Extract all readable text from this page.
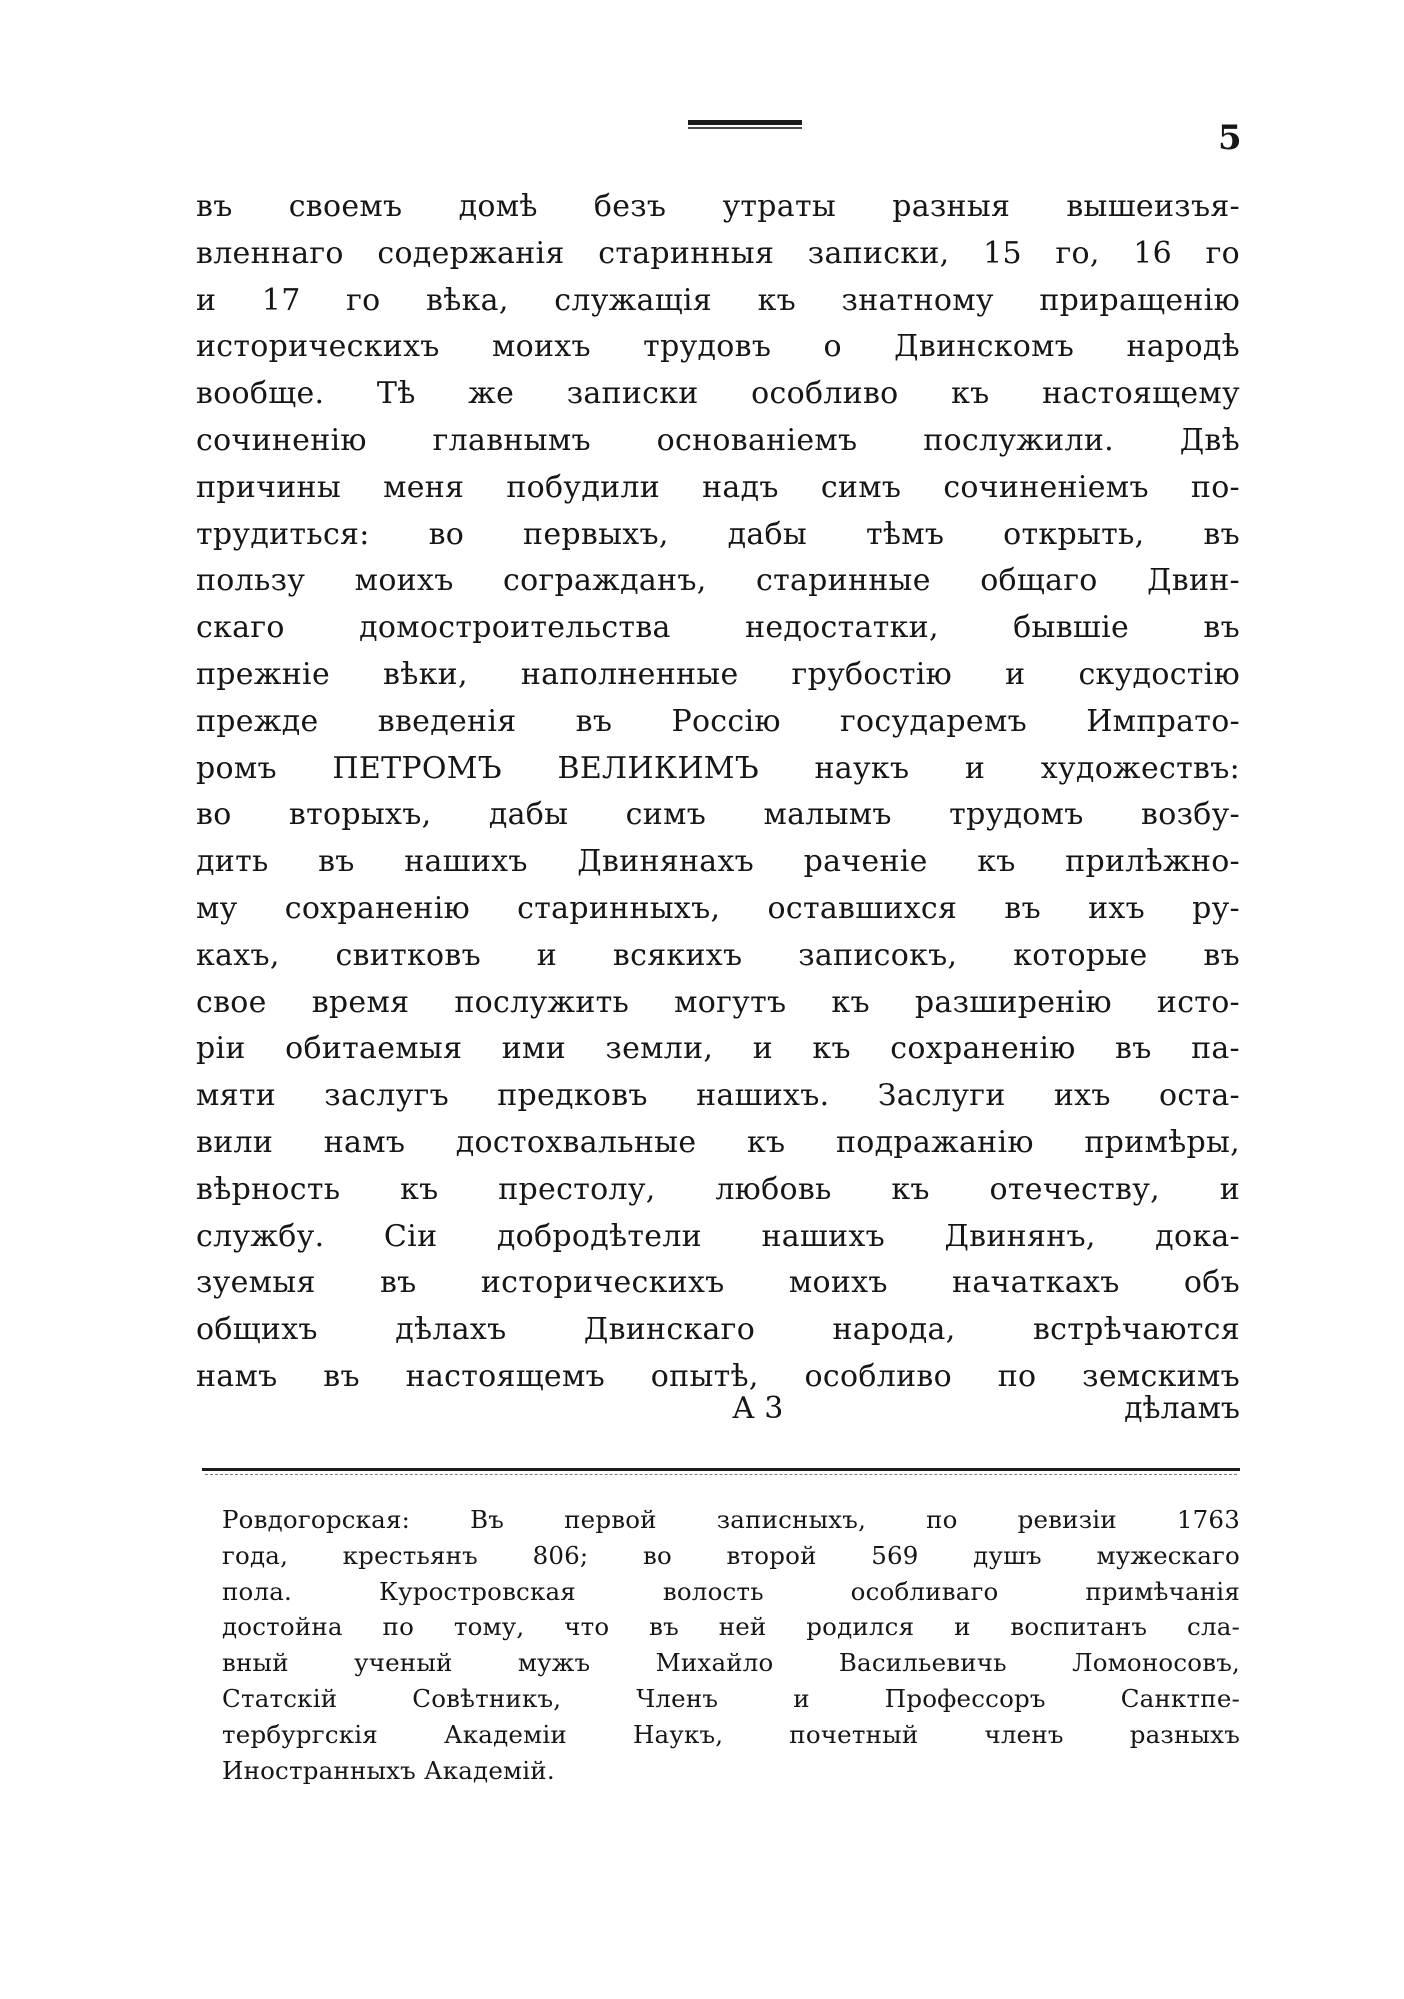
5
въ своемъ домѣ безъ утраты разныя вышеизъя-
вленнаго содержанія старинныя записки, 15 го, 16 го
и 17 го вѣка, служащія къ знатному приращенію
историческихъ моихъ трудовъ о Двинскомъ народѣ
вообще. Тѣ же записки особливо къ настоящему
сочиненію главнымъ основаніемъ послужили. Двѣ
причины меня побудили надъ симъ сочиненіемъ по-
трудиться: во первыхъ, дабы тѣмъ открыть, въ
пользу моихъ согражданъ, старинные общаго Двин-
скаго домостроительства недостатки, бывшіе въ
прежніе вѣки, наполненные грубостію и скудостію
прежде введенія въ Россію государемъ Импрато-
ромъ ПЕТРОМЪ ВЕЛИКИМЪ наукъ и художествъ:
во вторыхъ, дабы симъ малымъ трудомъ возбу-
дить въ нашихъ Двинянахъ раченіе къ прилѣжно-
му сохраненію старинныхъ, оставшихся въ ихъ ру-
кахъ, свитковъ и всякихъ записокъ, которые въ
свое время послужить могутъ къ разширенію исто-
ріи обитаемыя ими земли, и къ сохраненію въ па-
мяти заслугъ предковъ нашихъ. Заслуги ихъ оста-
вили намъ достохвальные къ подражанію примѣры,
вѣрность къ престолу, любовь къ отечеству, и
службу. Сіи добродѣтели нашихъ Двинянъ, дока-
зуемыя въ историческихъ моихъ начаткахъ объ
общихъ дѣлахъ Двинскаго народа, встрѣчаются
намъ въ настоящемъ опытѣ, особливо по земскимъ
А 3	дѣламъ
Ровдогорская: Въ первой записныхъ, по ревизіи 1763
года, крестьянъ 806; во второй 569 душъ мужескаго
пола. Куростровская волость особливаго примѣчанія
достойна по тому, что въ ней родился и воспитанъ сла-
вный ученый мужъ Михайло Васильевичь Ломоносовъ,
Статскій Совѣтникъ, Членъ и Профессоръ Санктпе-
тербургскія Академіи Наукъ, почетный членъ разныхъ
Иностранныхъ Академій.
